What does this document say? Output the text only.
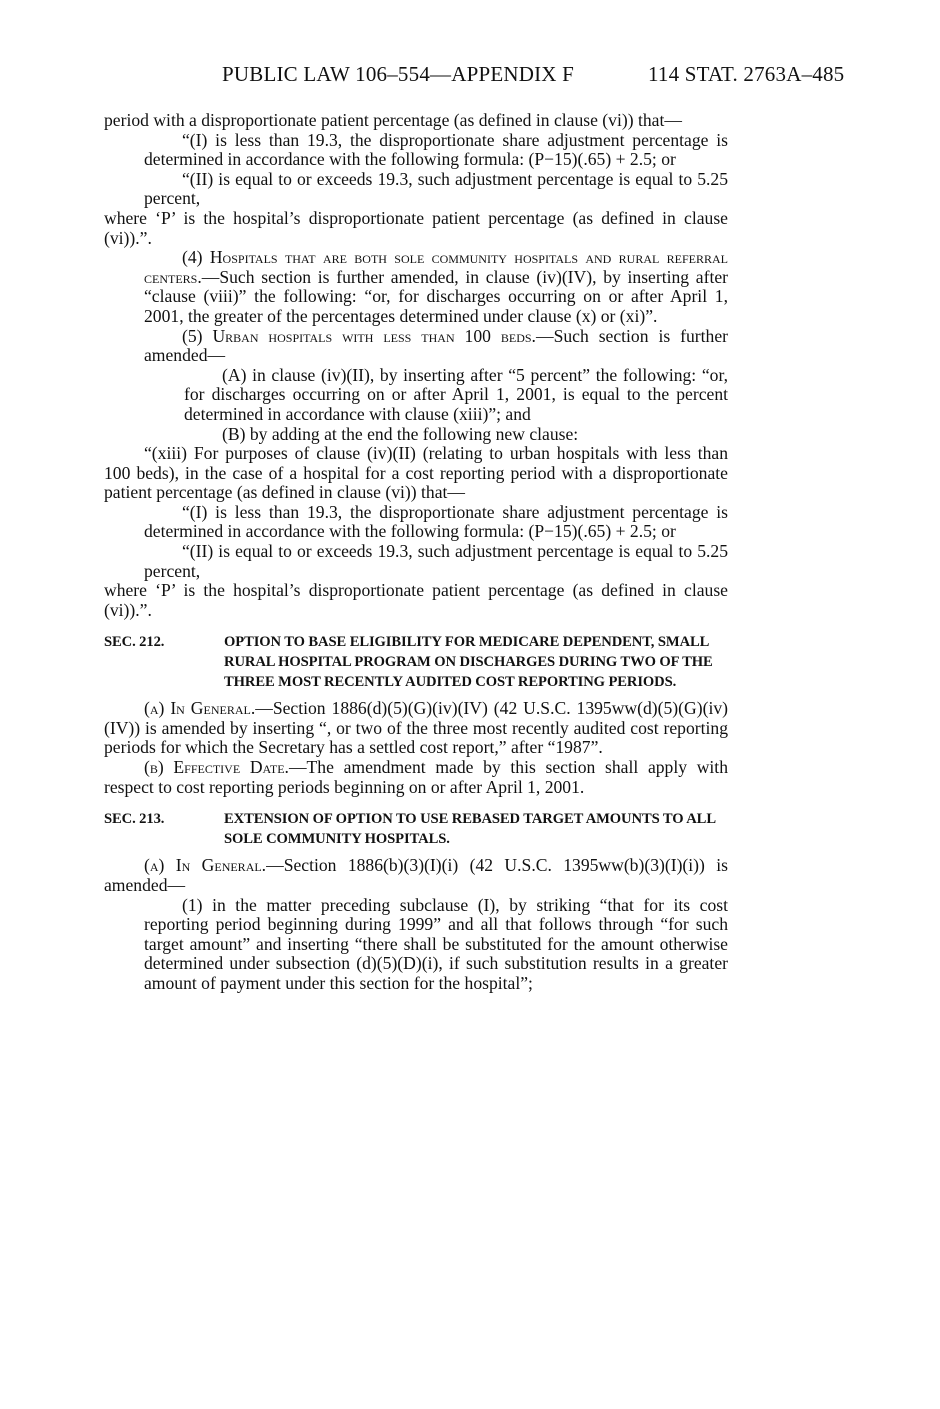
PUBLIC LAW 106–554—APPENDIX F	114 STAT. 2763A–485

period with a disproportionate patient percentage (as defined in clause (vi)) that—

“(I) is less than 19.3, the disproportionate share adjustment percentage is determined in accordance with the following formula: (P−15)(.65) + 2.5; or

“(II) is equal to or exceeds 19.3, such adjustment percentage is equal to 5.25 percent,

where ‘P’ is the hospital’s disproportionate patient percentage (as defined in clause (vi)).”.

(4) Hospitals that are both sole community hospitals and rural referral centers.—Such section is further amended, in clause (iv)(IV), by inserting after “clause (viii)” the following: “or, for discharges occurring on or after April 1, 2001, the greater of the percentages determined under clause (x) or (xi)”.

(5) Urban hospitals with less than 100 beds.—Such section is further amended—

(A) in clause (iv)(II), by inserting after “5 percent” the following: “or, for discharges occurring on or after April 1, 2001, is equal to the percent determined in accordance with clause (xiii)”; and

(B) by adding at the end the following new clause:

“(xiii) For purposes of clause (iv)(II) (relating to urban hospitals with less than 100 beds), in the case of a hospital for a cost reporting period with a disproportionate patient percentage (as defined in clause (vi)) that—

“(I) is less than 19.3, the disproportionate share adjustment percentage is determined in accordance with the following formula: (P−15)(.65) + 2.5; or

“(II) is equal to or exceeds 19.3, such adjustment percentage is equal to 5.25 percent,

where ‘P’ is the hospital’s disproportionate patient percentage (as defined in clause (vi)).”.

SEC. 212.	OPTION TO BASE ELIGIBILITY FOR MEDICARE DEPENDENT, SMALL RURAL HOSPITAL PROGRAM ON DISCHARGES DURING TWO OF THE THREE MOST RECENTLY AUDITED COST REPORTING PERIODS.

(a) In General.—Section 1886(d)(5)(G)(iv)(IV) (42 U.S.C. 1395ww(d)(5)(G)(iv)(IV)) is amended by inserting “, or two of the three most recently audited cost reporting periods for which the Secretary has a settled cost report,” after “1987”.

(b) Effective Date.—The amendment made by this section shall apply with respect to cost reporting periods beginning on or after April 1, 2001.

SEC. 213.	EXTENSION OF OPTION TO USE REBASED TARGET AMOUNTS TO ALL SOLE COMMUNITY HOSPITALS.

(a) In General.—Section 1886(b)(3)(I)(i) (42 U.S.C. 1395ww(b)(3)(I)(i)) is amended—

(1) in the matter preceding subclause (I), by striking “that for its cost reporting period beginning during 1999” and all that follows through “for such target amount” and inserting “there shall be substituted for the amount otherwise determined under subsection (d)(5)(D)(i), if such substitution results in a greater amount of payment under this section for the hospital”;
